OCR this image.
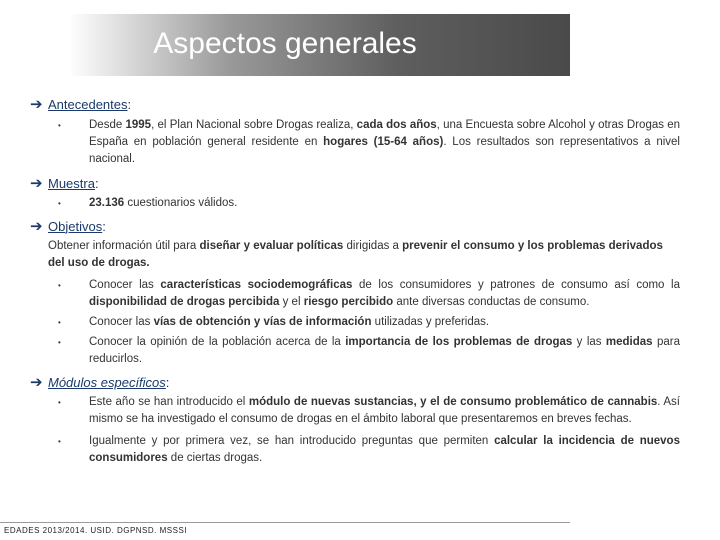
Aspectos generales
➔ Antecedentes :
• Desde 1995, el Plan Nacional sobre Drogas realiza, cada dos años, una Encuesta sobre Alcohol y otras Drogas en España en población general residente en hogares (15-64 años). Los resultados son representativos a nivel nacional.
➔ Muestra :
• 23.136 cuestionarios válidos.
➔ Objetivos :
Obtener información útil para diseñar y evaluar políticas dirigidas a prevenir el consumo y los problemas derivados del uso de drogas.
• Conocer las características sociodemográficas de los consumidores y patrones de consumo así como la disponibilidad de drogas percibida y el riesgo percibido ante diversas conductas de consumo.
• Conocer las vías de obtención y vías de información utilizadas y preferidas.
• Conocer la opinión de la población acerca de la importancia de los problemas de drogas y las medidas para reducirlos.
➔ Módulos específicos :
• Este año se han introducido el módulo de nuevas sustancias, y el de consumo problemático de cannabis. Así mismo se ha investigado el consumo de drogas en el ámbito laboral que presentaremos en breves fechas.
• Igualmente y por primera vez, se han introducido preguntas que permiten calcular la incidencia de nuevos consumidores de ciertas drogas.
EDADES 2013/2014. USID. DGPNSD. MSSSI
